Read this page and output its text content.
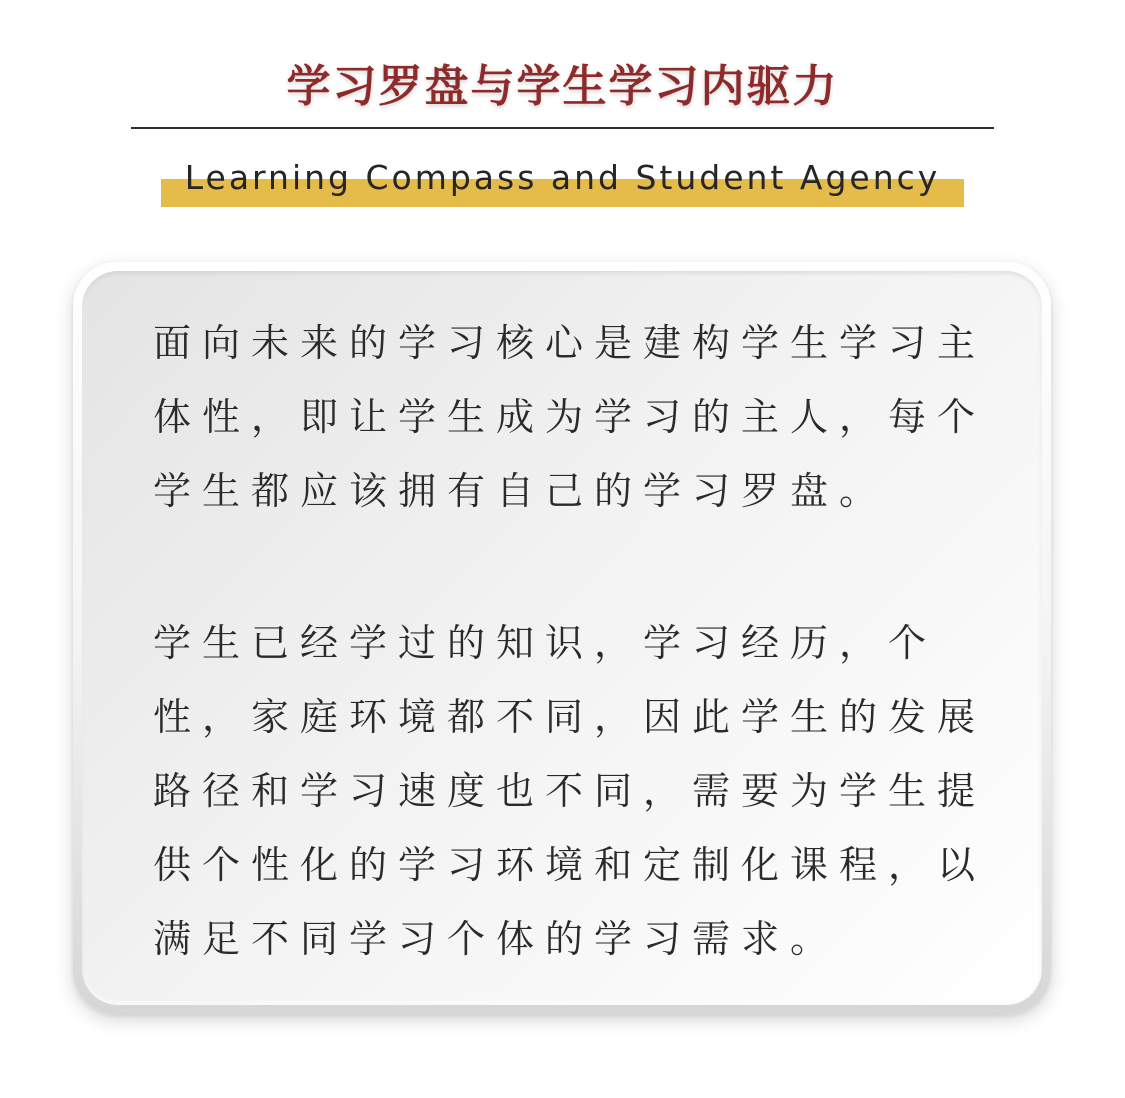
学习罗盘与学生学习内驱力
Learning Compass and Student Agency
面向未来的学习核心是建构学生学习主
体性，即让学生成为学习的主人，每个
学生都应该拥有自己的学习罗盘。
学生已经学过的知识，学习经历，个
性，家庭环境都不同，因此学生的发展
路径和学习速度也不同，需要为学生提
供个性化的学习环境和定制化课程，以
满足不同学习个体的学习需求。
